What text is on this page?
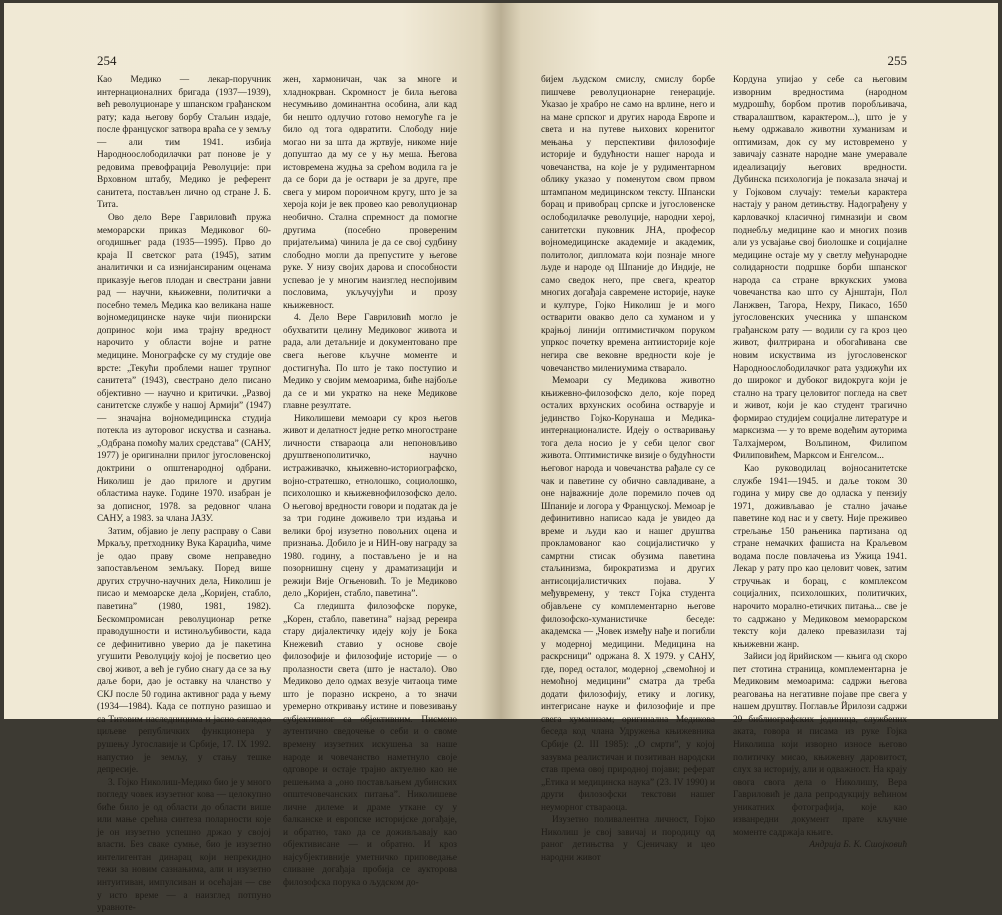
254

Као Медико — лекар-поручник интернационалних бригада (1937—1939), већ револуционаре у шпанском грађанском рату; када његову борбу Стаљин издаје, после француског затвора враћа се у земљу — али тим 1941. избија Народноослободилачки рат понове је у редовима превофрација Револуције: при Врховном штабу, Медико је референт санитета, постављен лично од стране Ј. Б. Тита.

Ово дело Вере Гавриловић пружа меморарски приказ Медиковог 60-огодишњег рада (1935—1995). Прво до краја II светског рата (1945), затим аналитички и са изнијансираним оценама приказује његов плодан и свестрани јавни рад — научни, књижевни, политички а посебно темељ Медика као великана наше војномедицинске науке чији пионирски допринос који има трајну вредност нарочито у области војне и ратне медицине. Монографске су му студије ове врсте: „Текући проблеми нашег трупног санитета” (1943), свестрано дело писано објективно — научно и критички. „Развој санитетске службе у нашој Армији” (1947) — значајна војномедицинска студија потекла из ауторовог искуства и сазнања. „Одбрана помоћу малих средстава” (САНУ, 1977) је оригинални прилог југословенској доктрини о општенародној одбрани. Николиш је дао прилоге и другим областима науке. Године 1970. изабран је за дописног, 1978. за редовног члана САНУ, а 1983. за члана ЈАЗУ.

Затим, објавио је лепу расправу о Сави Мркаљу, претходнику Вука Караџића, чиме је одао праву своме неправедно запостављеном земљаку. Поред више других стручно-научних дела, Николиш је писао и мемоарске дела „Коријен, стабло, паветина” (1980, 1981, 1982). Бескомпромисан револуционар ретке праводушности и истинољубивости, када се дефинитивно уверио да је пакетина угушити Револуцију којој је посветио цео свој живот, а већ је губио снагу да се за њу даље бори, дао је оставку на чланство у СКЈ после 50 година активног рада у њему (1934—1984). Када се потпуно разишао и са Титовим наследницима и јасно сагледао циљеве републичких функционера у рушењу Југославије и Србије, 17. IX 1992. напустио је земљу, у стању тешке депресије.

3. Гојко Николиш-Медико био је у много погледу човек изузетног кова — целокупно биће било је од области до области више или мање срећна синтеза поларности које је он изузетно успешно држао у својој власти. Без сваке сумње, био је изузетно интелигентан динарац који непрекидно тежи за новим сазнањима, али и изузетно интуитиван, импулсиван и осећајан — све у исто време — а наизглед потпуно уравноте-

жен, хармоничан, чак за многе и хладнокрван. Скромност је била његова несумњиво доминантна особина, али кад би нешто одлучио готово немогуће га је било од тога одвратити. Слободу није могао ни за шта да жртвује, никоме није допуштао да му се у њу меша. Његова истовремена жудња за срећом водила га је да се бори да је оствари је за друге, пре свега у миром пороичном кругу, што је за херoја који је век провео као револуционар необично. Стална спремност да помогне другима (посебно провереним пријатељима) чинила је да се свој судбину слободно могли да препустите у његове руке. У низу својих дарова и способности успевао је у многим наизглед неспојивим пословима, укључујући и прозу књижевност.

4. Дело Вере Гавриловић могло је обухватити целину Медиковог живота и рада, али детаљније и документовано пре свега његове кључне моменте и достигнућа. По што је тако поступио и Медико у својим мемоарима, биће најбоље да се и ми укратко на неке Медикове главне резултате.

Николишеви мемоари су кроз његов живот и делатност једне ретко многостране личности стварaoца али непоновљиво друштвенополитичко, научно истраживачко, књижевно-историографско, војно-стратешко, етнолошко, социолошко, психолошко и књижевнофилозофско дело. О његовој вредности говори и податак да је за три године доживело три издања и велики број изузетно повољних оцена и признања. Добило је и НИН-ову награду за 1980. годину, а постављено је и на позорнишну сцену у драматизацији и режији Вије Огњеновић. То је Медиково дело „Коријен, стабло, пaвeтинa”.

Са гледишта филозофске поруке, „Корен, стабло, павeтина” најзад ререира стару дијалектичку идеју коју је Бока Кнежевић ставио у основе своје филозофије и филозофије историје — о прoлазности света (што је настало). Ово Медиково дело одмах везује читаоца тиме што је поразно искрено, а то значи уремерно откривању истине и повезивању субјективног са објективним. Писмено аутентично сведочење о себи и о своме времену изузетних искушења за наше народе и човечанство наметнуло своје одговоре и остаје трајно актуелно као не решењима а „оно постављањем дубинских општечовечанских питања”. Николишеве личне дилеме и драме уткане су у балканске и европске историјске догађаје, и обратно, тако да се доживљавају као објективисане — и обратно. И кроз најсубјективније уметничко приповедање сливане догађаја пробија се аукторова филозофска порука о људском до-

255

бијем људском смислу, смислу борбе пишчеве револуционарне генерације. Указао је храбро не само на врлине, него и на мане српског и других народа Европе и света и на путеве њихових коренитог мењања у перспективи филозофије историје и будућности нашег народа и човечанства, на које је у рудиментарном облику указао у поменутом свом првом штампаном медицинском тексту. Шпански борац и привобрац српске и југословенске ослободилачке револуције, народни херој, санитетски пуковник ЈНА, професор војномедицинске академије и академик, политолог, дипломата који познаје многе људе и народе од Шпаније до Индије, не само сведок него, пре свега, креатор многих догађаја савремене историје, науке и културе, Гојко Николиш је и мого остварити овакво дело са хуманом и у крајњој линији оптимистичком поруком упркос почетку времена антиисторије које негира све вековне вредности које је човечанство милениумима стварало.

Мемоари су Медикова животно књижевно-филозофско дело, које поред осталих врхунских особина остварује и јединство Гојко-Корунаша и Медика-интернационалисте. Идеју о остваривању тога дела носио је у себи целог свог живота. Оптимистичке визије о будућности његовог народа и човечанства рађале су се чак и павeтине су обично савладиване, а оне најважније доле поремило почев од Шпаније и логора у Француској. Мемоар је дефинитивно написао када је увидео да време и људи као и нашег друштва прокламованог као социјалистичко у самртни стисак обузима павeтина стаљинизма, бирократизма и других антисоцијалистичких појава. У међувремену, у текст Гојка студента објављене су комплементарно његове филозофско-хуманистичке беседе: академска — „Човек између нађе и погибли у модерној медицини. Медицина на раскрсници” одржана 8. X 1979. у САНУ, где, поред осталог, модерној „свемоћној и немоћној медицини” смaтpa да треба додати филозофију, етику и логику, интегрисане науке и филозофије и пре свега хуманизам; оригинална Медикова беседа код члана Удружења књижевника Србије (2. III 1985): „О смрти”, у којој зазувма реалистичан и позитиван народски став према овој природној појави; реферат „Етика и медицинска наука” (23. IV 1990) и други филозофски текстови нашег неуморног ствараоца.

Изузетно поливалентна личност, Гојко Николиш је свој завичај и породицу од раног детињства у Сјеничаку и цео народни живот

Кордуна упијао у себе са његовим изворним вредностима (народном мудрошћу, борбом против поробљивача, стваралаштвом, карактером...), што је у њему одржавало животни хуманизам и оптимизам, док су му истовремено у завичају сазнате народне мане умеравале идеализацију његових вредности. Дубинска психологија је показала значај и у Гојковом случају: темељи карактера настају у раном детињству. Надограђену у карловачкој класичној гимназији и свом поднебљу медицине као и многих позив али уз усвајање свој биолошке и социјалне медицине остаје му у светлу међународне солидарности подршке борби шпанског народа са стране вркукских умова човечанства као што су Ајнштајн, Пол Ланжвен, Тагора, Нехру, Пикасо, 1650 југословенских учесника у шпанском грађанском рату — водили су га кроз цео живот, филтрирана и обогаћивана све новим искуствима из југословенског Народноослободилачког рата уздижући их до широког и дубоког видокруга који је стално на трагу целовитог погледа на свет и живот, који је као студент трагично формирао студијем социјалне литературе и марксизма — у то време водећим ауторима Талхајмером, Вољпином, Филипом Филиповићем, Марксом и Енгелсом...

Као руководилац војносанитетске службе 1941—1945. и даље током 30 година у миру све до одласка у пензију 1971, доживљавао је стално јачање павeтине код нас и у свету. Није преживео стрељање 150 рањеника партизана од стране немачких фашиста на Краљевом водама после повлачења из Ужица 1941. Лекар у рату про као целовит човек, затим стручњак и борац, с комплексом социјалних, психолошких, политичких, нарочито морално-етичких питања... све је то садржано у Медиковом меморарском тексту који далеко превазилази тај књижевни жанр.

Зайиси јод йрийиском — књига од скоро пет стотина страница, комплементарна је Медиковим мемоарима: садржи његова реаговања на негативне појаве пре свега у нашем друштву. Поглавље Йрилози садржи 29 библиографских јединица, службених аката, говора и писама из руке Гојка Николиша који изворно износе његово политичку мисао, књижевну даровитост, слух за историју, али и одважност. На крају овога свога дела о Николишу, Вера Гавриловић је дала репродукцију већином уникатних фотографија, које као изванредни документ прате кључне моменте садржаја књиге.

Андрија Б. К. Сшојковић
